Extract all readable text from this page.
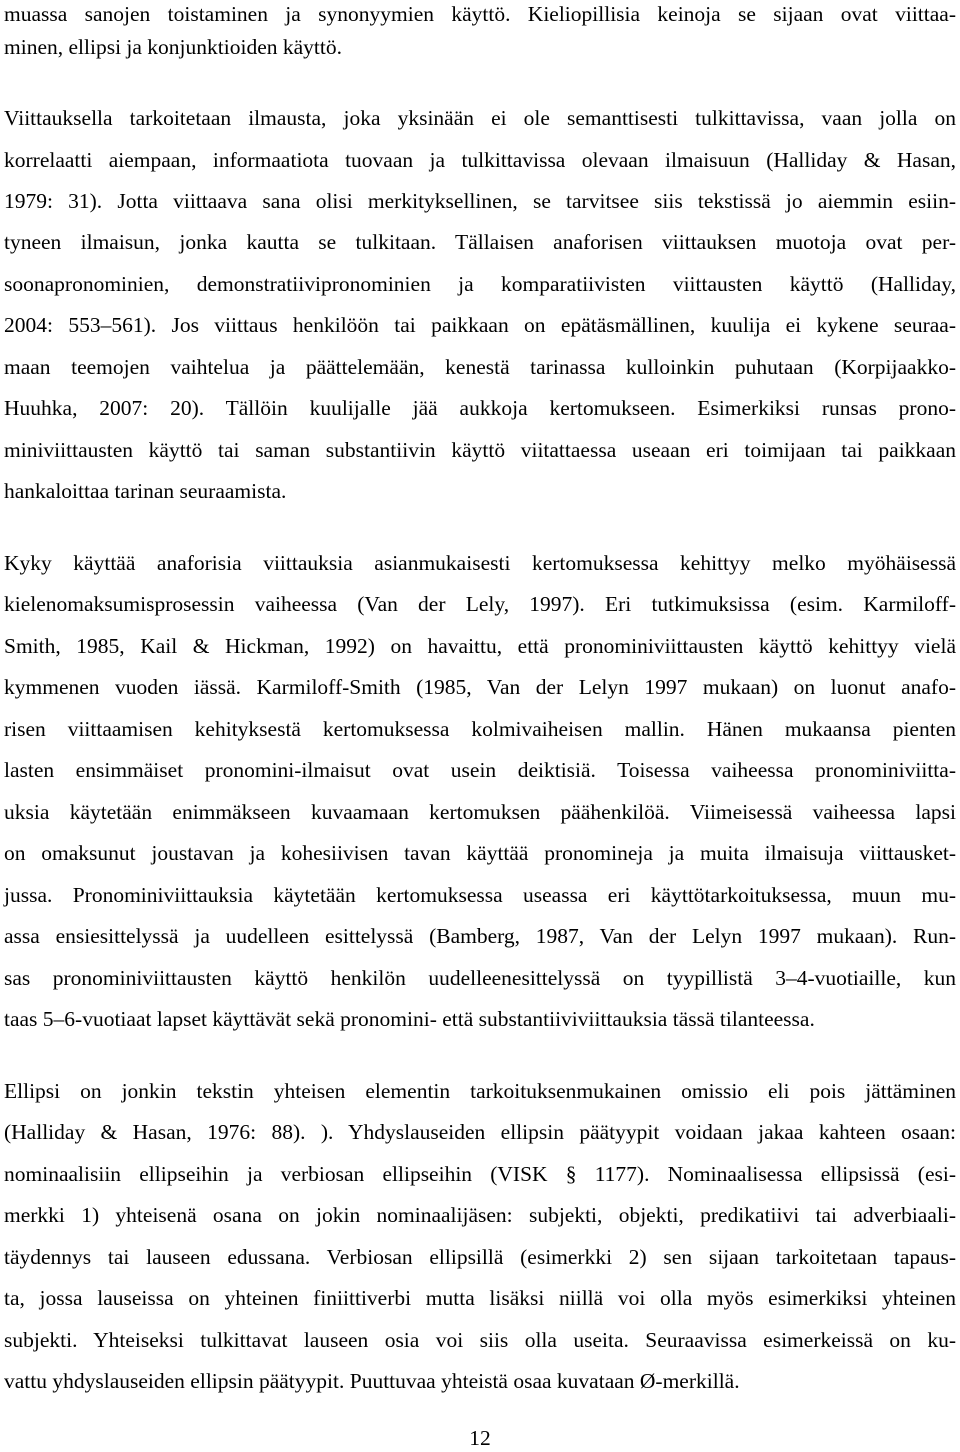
muassa sanojen toistaminen ja synonyymien käyttö. Kieliopillisia keinoja se sijaan ovat viittaa-
minen, ellipsi ja konjunktioiden käyttö.
Viittauksella tarkoitetaan ilmausta, joka yksinään ei ole semanttisesti tulkittavissa, vaan jolla on
korrelaatti aiempaan, informaatiota tuovaan ja tulkittavissa olevaan ilmaisuun (Halliday & Hasan,
1979: 31). Jotta viittaava sana olisi merkityksellinen, se tarvitsee siis tekstissä jo aiemmin esiin-
tyneen ilmaisun, jonka kautta se tulkitaan. Tällaisen anaforisen viittauksen muotoja ovat per-
soonapronominien, demonstratiivipronominien ja komparatiivisten viittausten käyttö (Halliday,
2004: 553–561). Jos viittaus henkilöön tai paikkaan on epätäsmällinen, kuulija ei kykene seuraa-
maan teemojen vaihtelua ja päättelemään, kenestä tarinassa kulloinkin puhutaan (Korpijaakko-
Huuhka, 2007: 20). Tällöin kuulijalle jää aukkoja kertomukseen. Esimerkiksi runsas prono-
miniviittausten käyttö tai saman substantiivin käyttö viitattaessa useaan eri toimijaan tai paikkaan
hankaloittaa tarinan seuraamista.
Kyky käyttää anaforisia viittauksia asianmukaisesti kertomuksessa kehittyy melko myöhäisessä
kielenomaksumisprosessin vaiheessa (Van der Lely, 1997). Eri tutkimuksissa (esim. Karmiloff-
Smith, 1985, Kail & Hickman, 1992) on havaittu, että pronominiviittausten käyttö kehittyy vielä
kymmenen vuoden iässä. Karmiloff-Smith (1985, Van der Lelyn 1997 mukaan) on luonut anafo-
risen viittaamisen kehityksestä kertomuksessa kolmivaiheisen mallin. Hänen mukaansa pienten
lasten ensimmäiset pronomini-ilmaisut ovat usein deiktisiä. Toisessa vaiheessa pronominiviitta-
uksia käytetään enimmäkseen kuvaamaan kertomuksen päähenkilöä. Viimeisessä vaiheessa lapsi
on omaksunut joustavan ja kohesiivisen tavan käyttää pronomineja ja muita ilmaisuja viittausket-
jussa. Pronominiviittauksia käytetään kertomuksessa useassa eri käyttötarkoituksessa, muun mu-
assa ensiesittelyssä ja uudelleen esittelyssä (Bamberg, 1987, Van der Lelyn 1997 mukaan). Run-
sas pronominiviittausten käyttö henkilön uudelleenesittelyssä on tyypillistä 3–4-vuotiaille, kun
taas 5–6-vuotiaat lapset käyttävät sekä pronomini- että substantiiviviittauksia tässä tilanteessa.
Ellipsi on jonkin tekstin yhteisen elementin tarkoituksenmukainen omissio eli pois jättäminen
(Halliday & Hasan, 1976: 88). ). Yhdyslauseiden ellipsin päätyypit voidaan jakaa kahteen osaan:
nominaalisiin ellipseihin ja verbiosan ellipseihin (VISK § 1177). Nominaalisessa ellipsissä (esi-
merkki 1) yhteisenä osana on jokin nominaalijäsen: subjekti, objekti, predikatiivi tai adverbiaali-
täydennys tai lauseen edussana. Verbiosan ellipsillä (esimerkki 2) sen sijaan tarkoitetaan tapaus-
ta, jossa lauseissa on yhteinen finiittiverbi mutta lisäksi niillä voi olla myös esimerkiksi yhteinen
subjekti. Yhteiseksi tulkittavat lauseen osia voi siis olla useita. Seuraavissa esimerkeissä on ku-
vattu yhdyslauseiden ellipsin päätyypit. Puuttuvaa yhteistä osaa kuvataan Ø-merkillä.
12
